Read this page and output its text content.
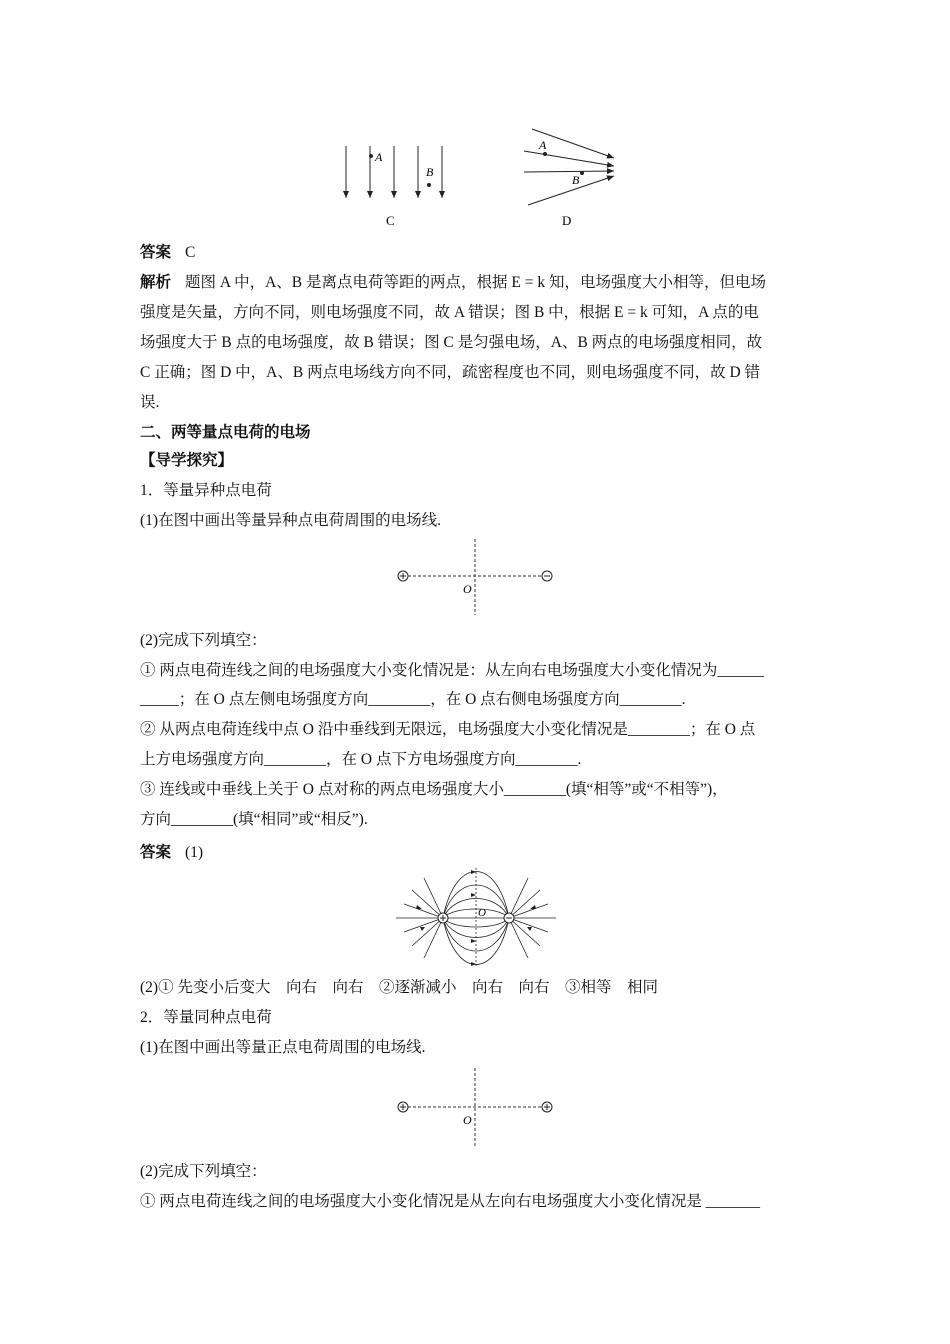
A
B
C
A
B
D
答案 C
解析 题图 A 中，A、B 是离点电荷等距的两点，根据 E = k 知，电场强度大小相等，但电场
强度是矢量，方向不同，则电场强度不同，故 A 错误；图 B 中，根据 E = k 可知，A 点的电
场强度大于 B 点的电场强度，故 B 错误；图 C 是匀强电场，A、B 两点的电场强度相同，故
C 正确；图 D 中，A、B 两点电场线方向不同，疏密程度也不同，则电场强度不同，故 D 错
误.
二、两等量点电荷的电场
【导学探究】
1．等量异种点电荷
(1)在图中画出等量异种点电荷周围的电场线.
O
(2)完成下列填空：
① 两点电荷连线之间的电场强度大小变化情况是：从左向右电场强度大小变化情况为______
_____；在 O 点左侧电场强度方向________，在 O 点右侧电场强度方向________.
② 从两点电荷连线中点 O 沿中垂线到无限远，电场强度大小变化情况是________；在 O 点
上方电场强度方向________，在 O 点下方电场强度方向________.
③ 连线或中垂线上关于 O 点对称的两点电场强度大小________(填“相等”或“不相等”)，
方向________(填“相同”或“相反”).
答案 (1)
O
(2)① 先变小后变大　向右　向右　②逐渐减小　向右　向右　③相等　相同
2．等量同种点电荷
(1)在图中画出等量正点电荷周围的电场线.
O
(2)完成下列填空：
① 两点电荷连线之间的电场强度大小变化情况是从左向右电场强度大小变化情况是 _______
